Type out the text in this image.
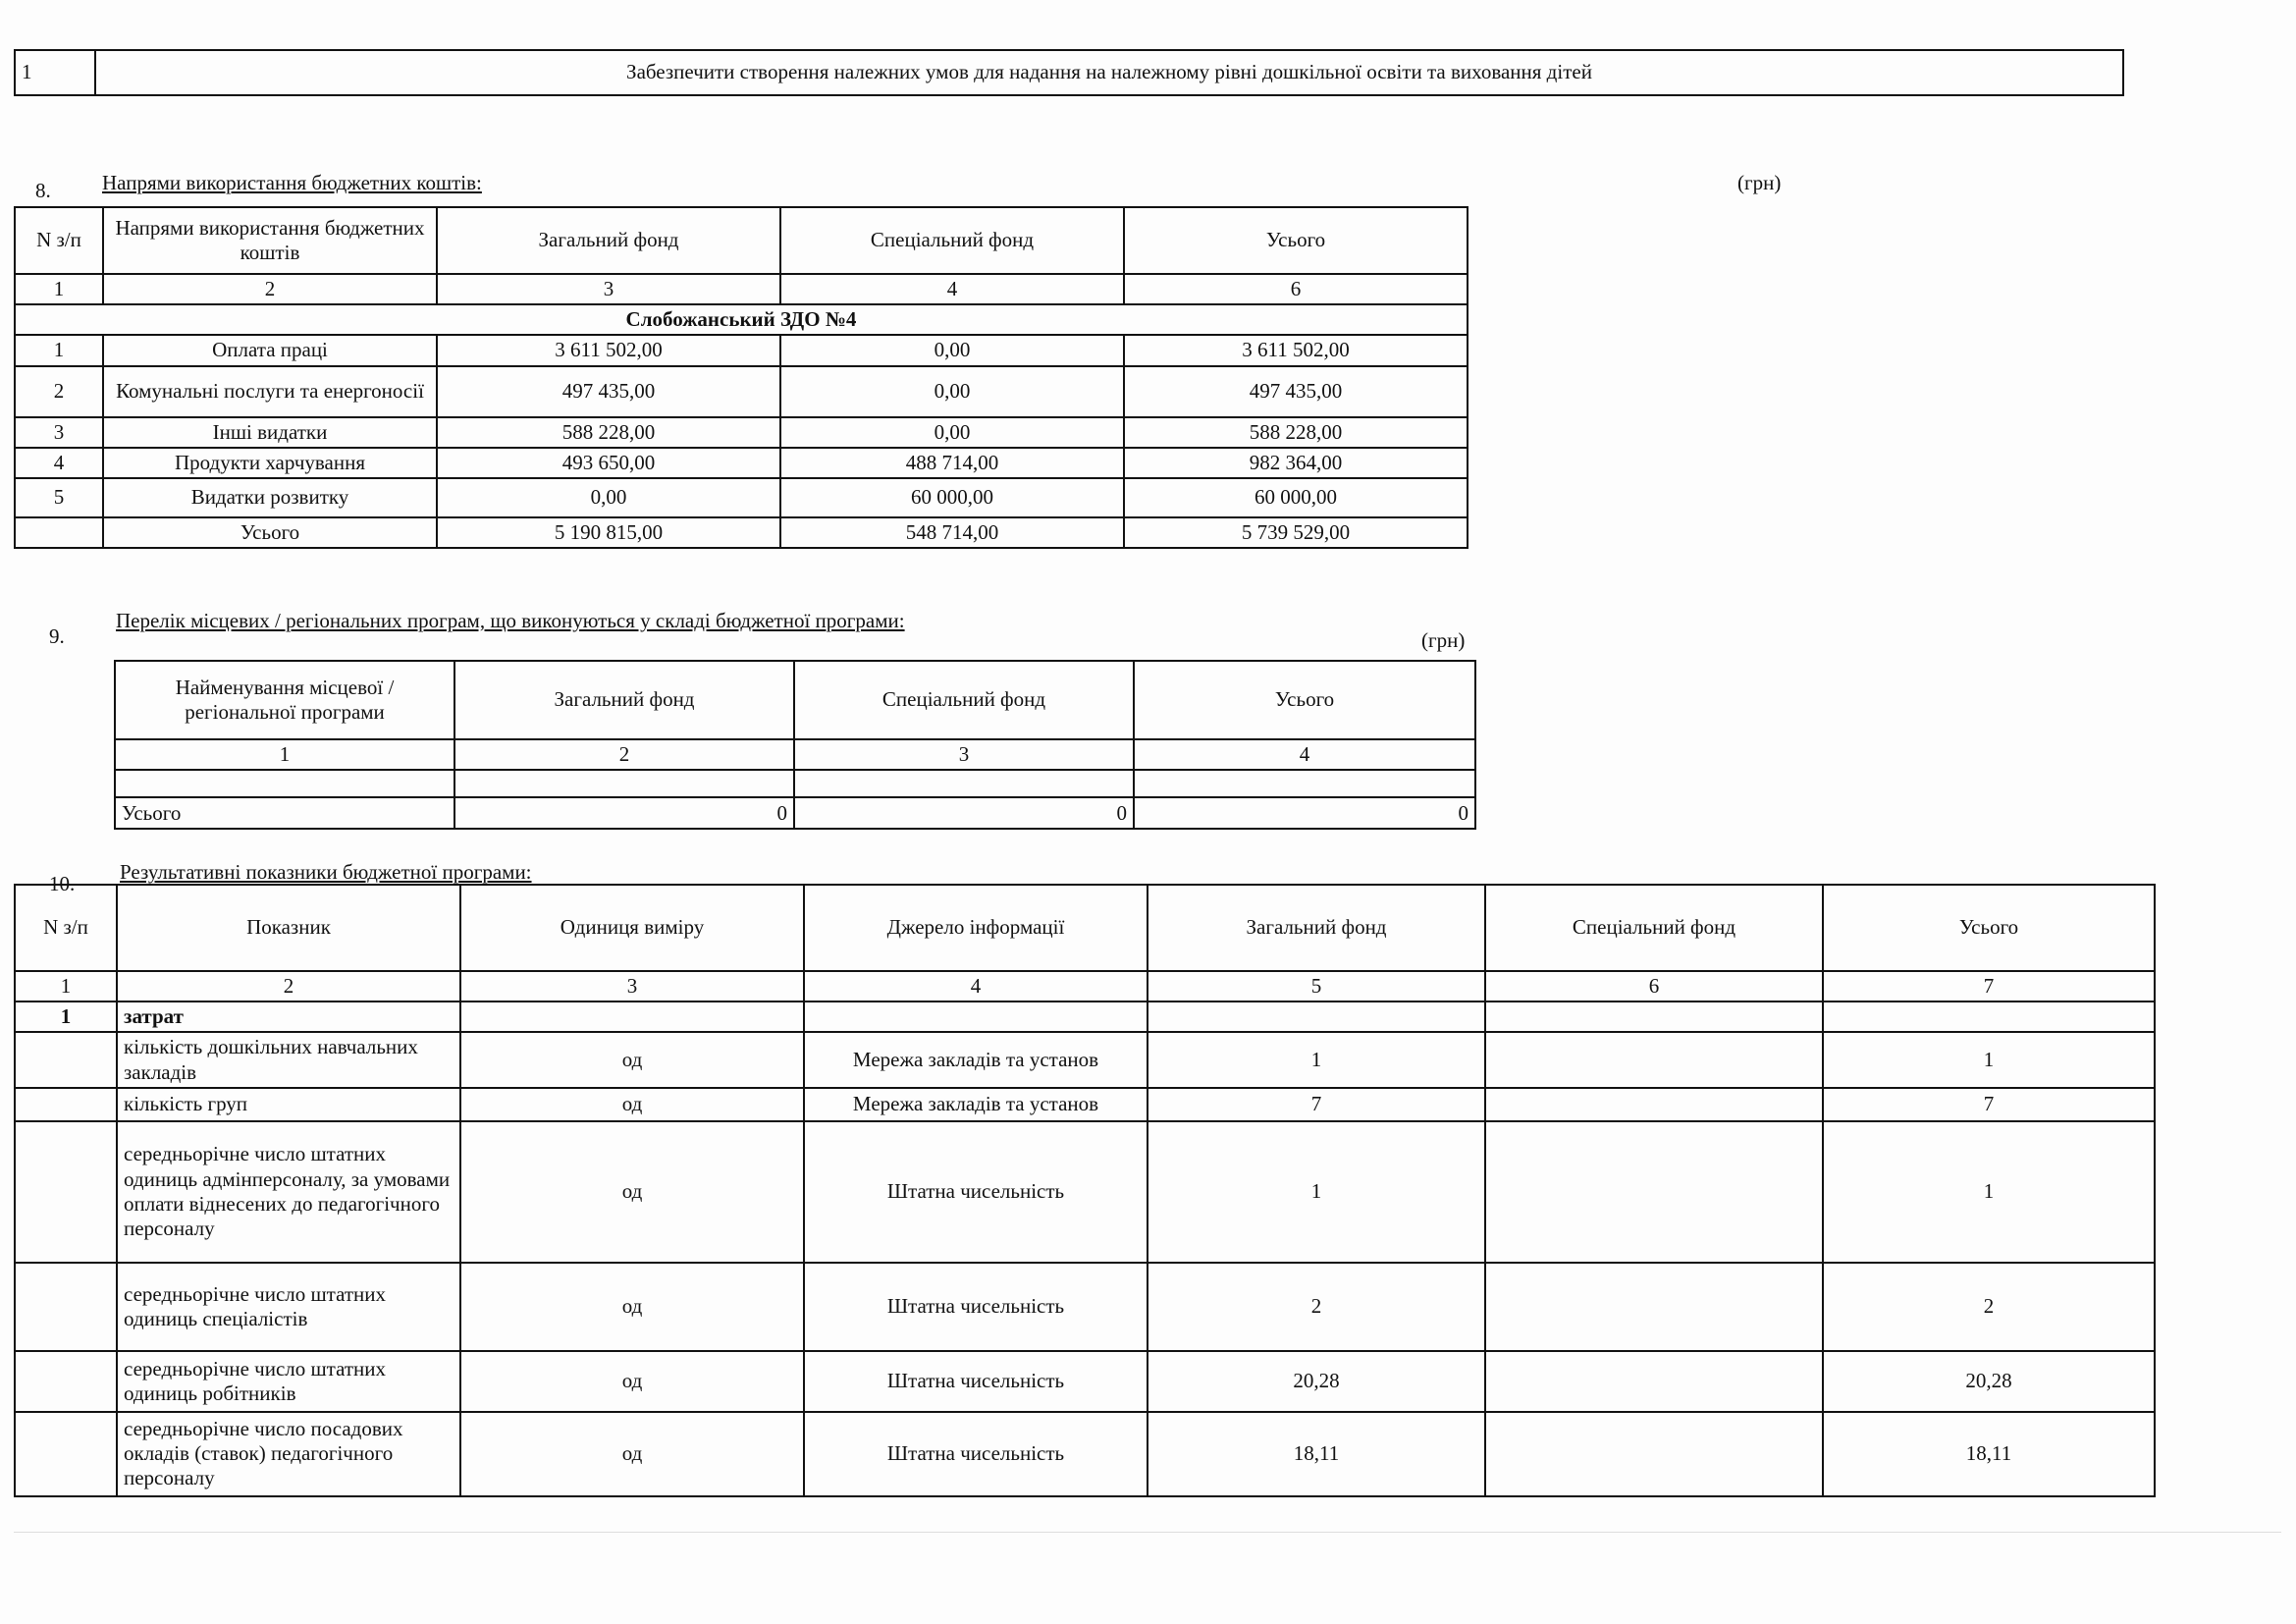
1	Забезпечити створення належних умов для надання на належному рівні дошкільної освіти та виховання дітей
8. Напрями використання бюджетних коштів:	(грн)
N з/п	Напрями використання бюджетних коштів	Загальний фонд	Спеціальний фонд	Усього
1	2	3	4	6
Слобожанський ЗДО №4				
1	Оплата праці	3 611 502,00	0,00	3 611 502,00
2	Комунальні послуги та енергоносії	497 435,00	0,00	497 435,00
3	Інші видатки	588 228,00	0,00	588 228,00
4	Продукти харчування	493 650,00	488 714,00	982 364,00
5	Видатки розвитку	0,00	60 000,00	60 000,00
	Усього	5 190 815,00	548 714,00	5 739 529,00
9.
Перелік місцевих / регіональних програм, що виконуються у складі бюджетної програми:
(грн)
Найменування місцевої / регіональної програми	Загальний фонд	Спеціальний фонд	Усього
1	2	3	4

Усього	0	0	0
10. Результативні показники бюджетної програми:
N з/п	Показник	Одиниця виміру	Джерело інформації	Загальний фонд	Спеціальний фонд	Усього
1	2	3	4	5	6	7
1	затрат					
	кількість дошкільних навчальних закладів	од	Мережа закладів та установ	1		1
	кількість груп	од	Мережа закладів та установ	7		7
	середньорічне число штатних одиниць адмінперсоналу, за умовами оплати віднесених до педагогічного персоналу	од	Штатна чисельність	1		1
	середньорічне число штатних одиниць спеціалістів	од	Штатна чисельність	2		2
	середньорічне число штатних одиниць робітників	од	Штатна чисельність	20,28		20,28
	середньорічне число посадових окладів (ставок) педагогічного персоналу	од	Штатна чисельність	18,11		18,11
